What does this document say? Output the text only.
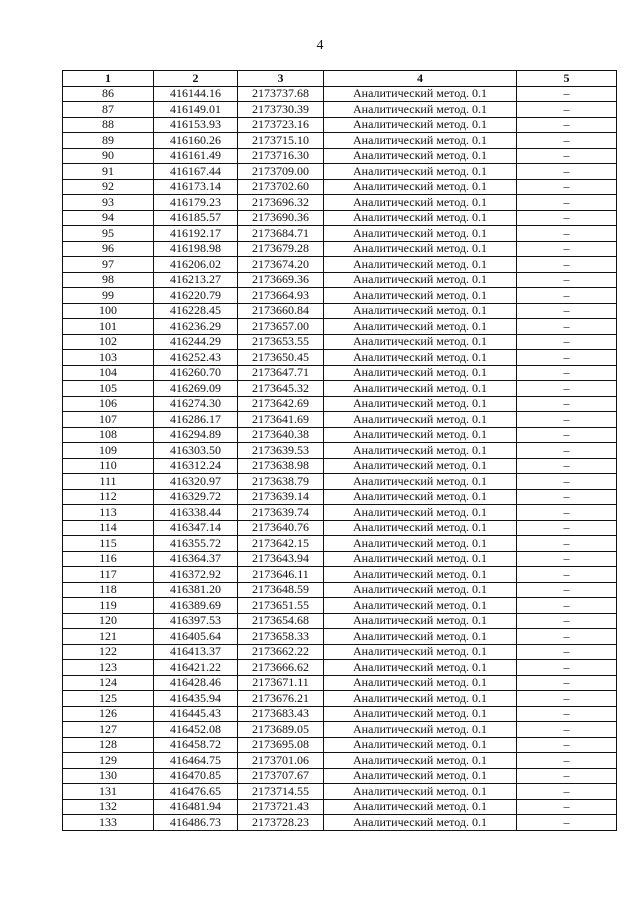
4
1	2	3	4	5
86	416144.16	2173737.68	Аналитический метод. 0.1	–
87	416149.01	2173730.39	Аналитический метод. 0.1	–
88	416153.93	2173723.16	Аналитический метод. 0.1	–
89	416160.26	2173715.10	Аналитический метод. 0.1	–
90	416161.49	2173716.30	Аналитический метод. 0.1	–
91	416167.44	2173709.00	Аналитический метод. 0.1	–
92	416173.14	2173702.60	Аналитический метод. 0.1	–
93	416179.23	2173696.32	Аналитический метод. 0.1	–
94	416185.57	2173690.36	Аналитический метод. 0.1	–
95	416192.17	2173684.71	Аналитический метод. 0.1	–
96	416198.98	2173679.28	Аналитический метод. 0.1	–
97	416206.02	2173674.20	Аналитический метод. 0.1	–
98	416213.27	2173669.36	Аналитический метод. 0.1	–
99	416220.79	2173664.93	Аналитический метод. 0.1	–
100	416228.45	2173660.84	Аналитический метод. 0.1	–
101	416236.29	2173657.00	Аналитический метод. 0.1	–
102	416244.29	2173653.55	Аналитический метод. 0.1	–
103	416252.43	2173650.45	Аналитический метод. 0.1	–
104	416260.70	2173647.71	Аналитический метод. 0.1	–
105	416269.09	2173645.32	Аналитический метод. 0.1	–
106	416274.30	2173642.69	Аналитический метод. 0.1	–
107	416286.17	2173641.69	Аналитический метод. 0.1	–
108	416294.89	2173640.38	Аналитический метод. 0.1	–
109	416303.50	2173639.53	Аналитический метод. 0.1	–
110	416312.24	2173638.98	Аналитический метод. 0.1	–
111	416320.97	2173638.79	Аналитический метод. 0.1	–
112	416329.72	2173639.14	Аналитический метод. 0.1	–
113	416338.44	2173639.74	Аналитический метод. 0.1	–
114	416347.14	2173640.76	Аналитический метод. 0.1	–
115	416355.72	2173642.15	Аналитический метод. 0.1	–
116	416364.37	2173643.94	Аналитический метод. 0.1	–
117	416372.92	2173646.11	Аналитический метод. 0.1	–
118	416381.20	2173648.59	Аналитический метод. 0.1	–
119	416389.69	2173651.55	Аналитический метод. 0.1	–
120	416397.53	2173654.68	Аналитический метод. 0.1	–
121	416405.64	2173658.33	Аналитический метод. 0.1	–
122	416413.37	2173662.22	Аналитический метод. 0.1	–
123	416421.22	2173666.62	Аналитический метод. 0.1	–
124	416428.46	2173671.11	Аналитический метод. 0.1	–
125	416435.94	2173676.21	Аналитический метод. 0.1	–
126	416445.43	2173683.43	Аналитический метод. 0.1	–
127	416452.08	2173689.05	Аналитический метод. 0.1	–
128	416458.72	2173695.08	Аналитический метод. 0.1	–
129	416464.75	2173701.06	Аналитический метод. 0.1	–
130	416470.85	2173707.67	Аналитический метод. 0.1	–
131	416476.65	2173714.55	Аналитический метод. 0.1	–
132	416481.94	2173721.43	Аналитический метод. 0.1	–
133	416486.73	2173728.23	Аналитический метод. 0.1	–
